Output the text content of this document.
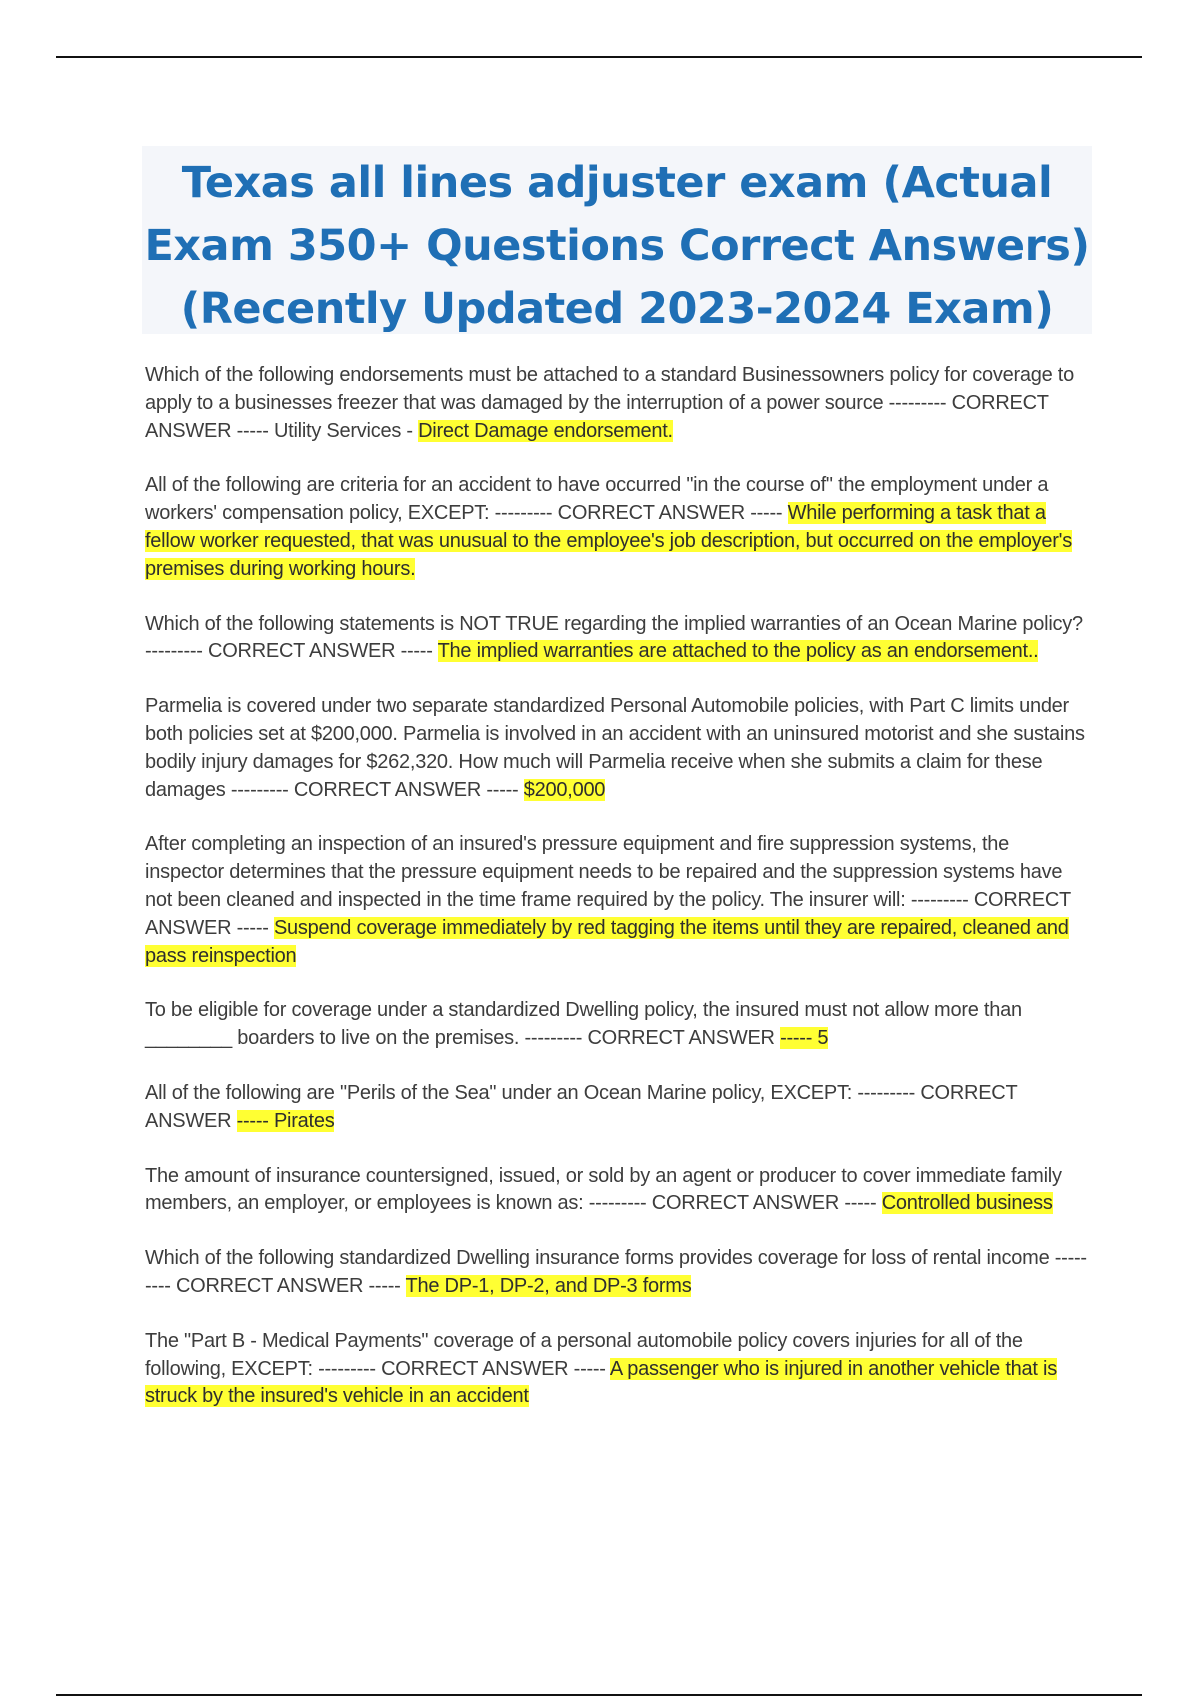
Texas all lines adjuster exam (Actual Exam 350+ Questions Correct Answers) (Recently Updated 2023-2024 Exam)

Which of the following endorsements must be attached to a standard Businessowners policy for coverage to apply to a businesses freezer that was damaged by the interruption of a power source --------- CORRECT ANSWER ----- Utility Services - Direct Damage endorsement.

All of the following are criteria for an accident to have occurred "in the course of" the employment under a workers' compensation policy, EXCEPT: --------- CORRECT ANSWER ----- While performing a task that a fellow worker requested, that was unusual to the employee's job description, but occurred on the employer's premises during working hours.

Which of the following statements is NOT TRUE regarding the implied warranties of an Ocean Marine policy? --------- CORRECT ANSWER ----- The implied warranties are attached to the policy as an endorsement..

Parmelia is covered under two separate standardized Personal Automobile policies, with Part C limits under both policies set at $200,000. Parmelia is involved in an accident with an uninsured motorist and she sustains bodily injury damages for $262,320. How much will Parmelia receive when she submits a claim for these damages --------- CORRECT ANSWER ----- $200,000

After completing an inspection of an insured's pressure equipment and fire suppression systems, the inspector determines that the pressure equipment needs to be repaired and the suppression systems have not been cleaned and inspected in the time frame required by the policy. The insurer will: --------- CORRECT ANSWER ----- Suspend coverage immediately by red tagging the items until they are repaired, cleaned and pass reinspection

To be eligible for coverage under a standardized Dwelling policy, the insured must not allow more than ________ boarders to live on the premises. --------- CORRECT ANSWER ----- 5

All of the following are "Perils of the Sea" under an Ocean Marine policy, EXCEPT: --------- CORRECT ANSWER ----- Pirates

The amount of insurance countersigned, issued, or sold by an agent or producer to cover immediate family members, an employer, or employees is known as: --------- CORRECT ANSWER ----- Controlled business

Which of the following standardized Dwelling insurance forms provides coverage for loss of rental income --------- CORRECT ANSWER ----- The DP-1, DP-2, and DP-3 forms

The "Part B - Medical Payments" coverage of a personal automobile policy covers injuries for all of the following, EXCEPT: --------- CORRECT ANSWER ----- A passenger who is injured in another vehicle that is struck by the insured's vehicle in an accident
